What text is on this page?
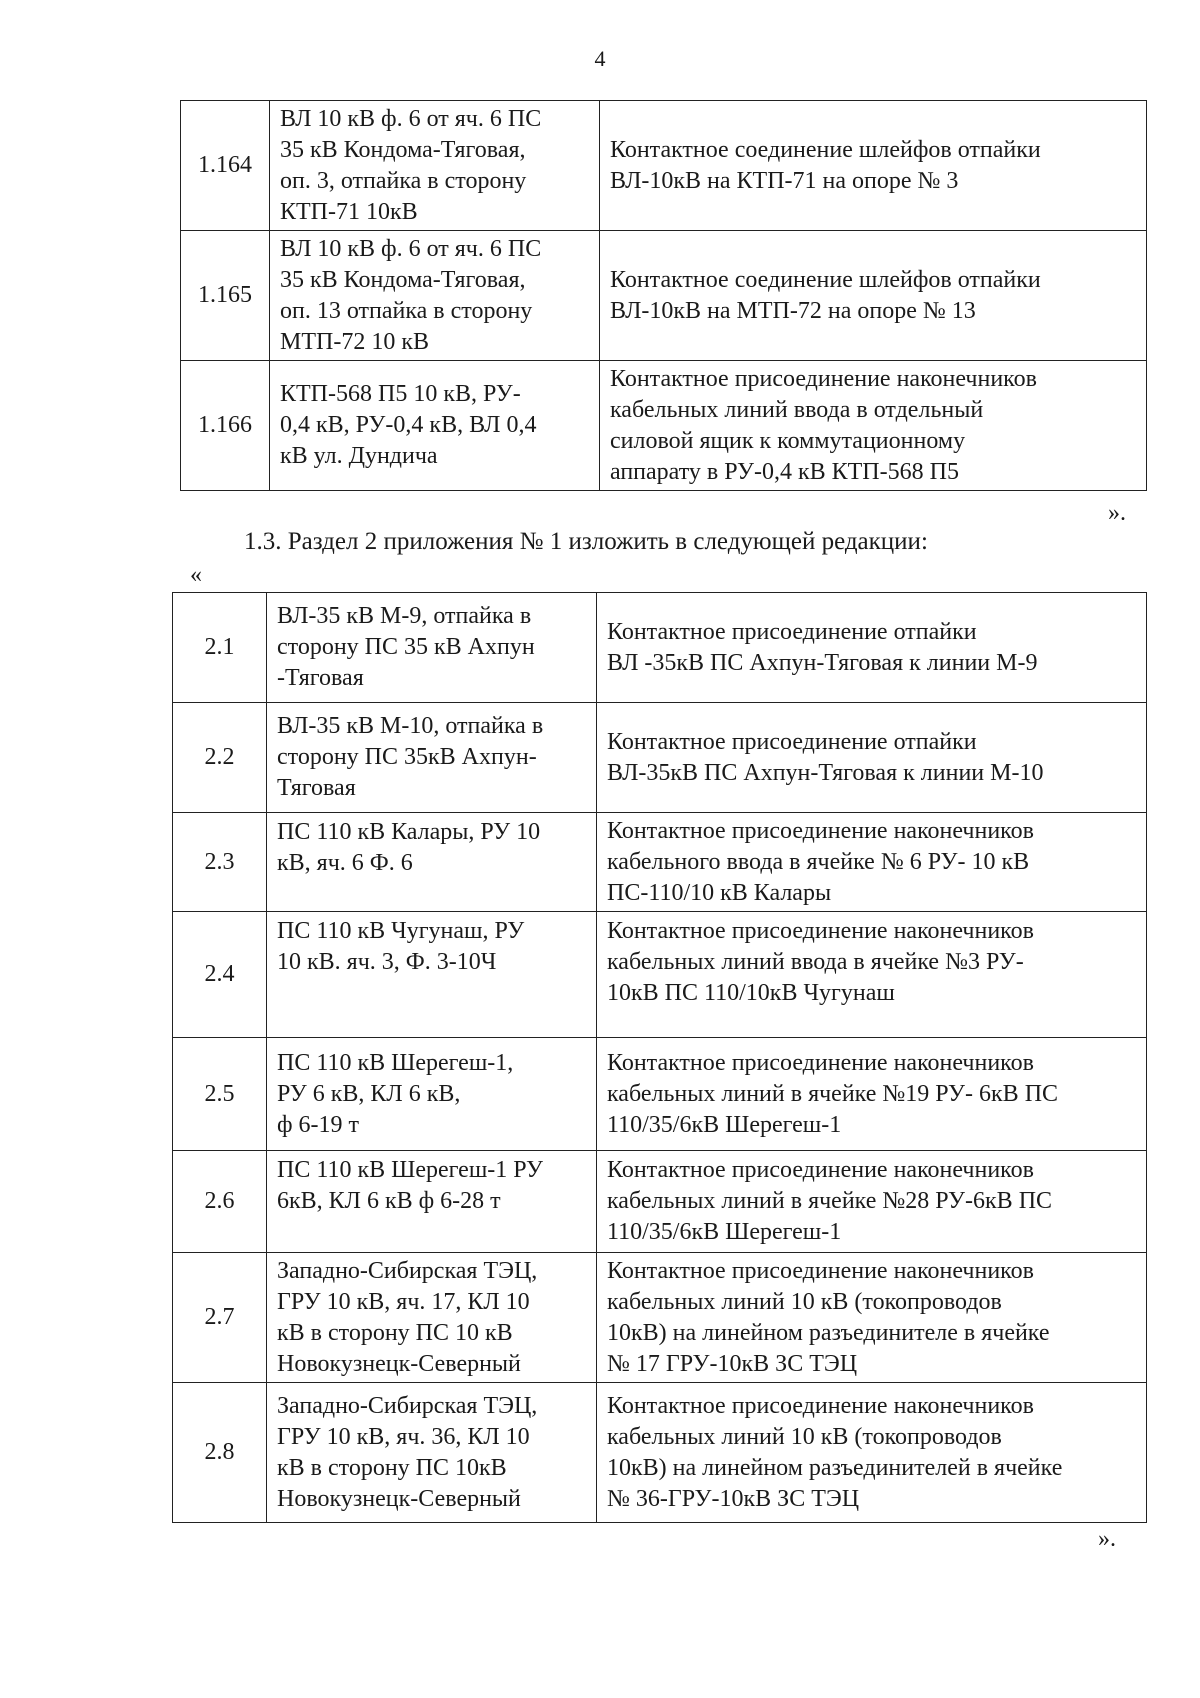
4
1.164	ВЛ 10 кВ ф. 6 от яч. 6 ПС
35 кВ Кондома-Тяговая,
оп. 3, отпайка в сторону
КТП-71 10кВ	Контактное соединение шлейфов отпайки
ВЛ-10кВ на КТП-71 на опоре № 3

1.165	ВЛ 10 кВ ф. 6 от яч. 6 ПС
35 кВ Кондома-Тяговая,
оп. 13 отпайка в сторону
МТП-72 10 кВ	Контактное соединение шлейфов отпайки
ВЛ-10кВ на МТП-72 на опоре № 13

1.166	КТП-568 П5 10 кВ, РУ-
0,4 кВ, РУ-0,4 кВ, ВЛ 0,4
кВ ул. Дундича	Контактное присоединение наконечников
кабельных линий ввода в отдельный
силовой ящик к коммутационному
аппарату в РУ-0,4 кВ КТП-568 П5
».
1.3. Раздел 2 приложения № 1 изложить в следующей редакции:
«
2.1	ВЛ-35 кВ М-9, отпайка в
сторону ПС 35 кВ Ахпун
-Тяговая	Контактное присоединение отпайки
ВЛ -35кВ ПС Ахпун-Тяговая к линии М-9

2.2	ВЛ-35 кВ М-10, отпайка в
сторону ПС 35кВ Ахпун-
Тяговая	Контактное присоединение отпайки
ВЛ-35кВ ПС Ахпун-Тяговая к линии М-10

2.3	ПС 110 кВ Калары, РУ 10
кВ, яч. 6 Ф. 6	Контактное присоединение наконечников
кабельного ввода в ячейке № 6 РУ- 10 кВ
ПС-110/10 кВ Калары

2.4	ПС 110 кВ Чугунаш, РУ
10 кВ. яч. 3, Ф. 3-10Ч	Контактное присоединение наконечников
кабельных линий ввода в ячейке №3 РУ-
10кВ ПС 110/10кВ Чугунаш

2.5	ПС 110 кВ Шерегеш-1,
РУ 6 кВ, КЛ 6 кВ,
ф 6-19 т	Контактное присоединение наконечников
кабельных линий в ячейке №19 РУ- 6кВ ПС
110/35/6кВ Шерегеш-1

2.6	ПС 110 кВ Шерегеш-1 РУ
6кВ, КЛ 6 кВ ф 6-28 т	Контактное присоединение наконечников
кабельных линий в ячейке №28 РУ-6кВ ПС
110/35/6кВ Шерегеш-1

2.7	Западно-Сибирская ТЭЦ,
ГРУ 10 кВ, яч. 17, КЛ 10
кВ в сторону ПС 10 кВ
Новокузнецк-Северный	Контактное присоединение наконечников
кабельных линий 10 кВ (токопроводов
10кВ) на линейном разъединителе в ячейке
№ 17 ГРУ-10кВ ЗС ТЭЦ

2.8	Западно-Сибирская ТЭЦ,
ГРУ 10 кВ, яч. 36, КЛ 10
кВ в сторону ПС 10кВ
Новокузнецк-Северный	Контактное присоединение наконечников
кабельных линий 10 кВ (токопроводов
10кВ) на линейном разъединителей в ячейке
№ 36-ГРУ-10кВ ЗС ТЭЦ
».
